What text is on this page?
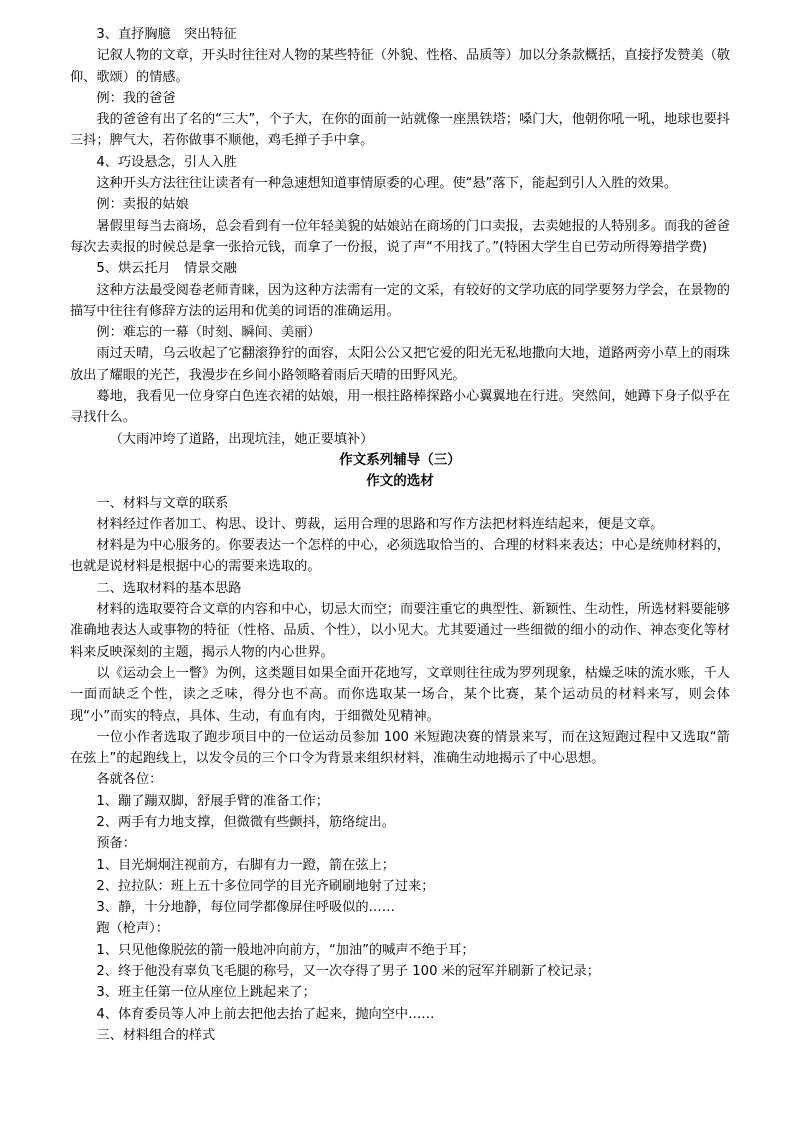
3、直抒胸臆　突出特征

记叙人物的文章，开头时往往对人物的某些特征（外貌、性格、品质等）加以分条款概括，直接抒发赞美（敬仰、歌颂）的情感。

例：我的爸爸

我的爸爸有出了名的“三大”，个子大，在你的面前一站就像一座黑铁塔；嗓门大，他朝你吼一吼，地球也要抖三抖；脾气大，若你做事不顺他，鸡毛掸子手中拿。

4、巧设悬念，引人入胜

这种开头方法往往让读者有一种急速想知道事情原委的心理。使“悬”落下，能起到引人入胜的效果。

例：卖报的姑娘

暑假里每当去商场，总会看到有一位年轻美貌的姑娘站在商场的门口卖报，去卖她报的人特别多。而我的爸爸每次去卖报的时候总是拿一张拾元钱，而拿了一份报，说了声“不用找了。”(特困大学生自已劳动所得筹措学费)

5、烘云托月　情景交融

这种方法最受阅卷老师青睐，因为这种方法需有一定的文采，有较好的文学功底的同学要努力学会，在景物的描写中往往有修辞方法的运用和优美的词语的准确运用。

例：难忘的一幕（时刻、瞬间、美丽）

雨过天晴，乌云收起了它翻滚狰狞的面容，太阳公公又把它爱的阳光无私地撒向大地，道路两旁小草上的雨珠放出了耀眼的光芒，我漫步在乡间小路领略着雨后天晴的田野风光。

蓦地，我看见一位身穿白色连衣裙的姑娘，用一根拄路棒探路小心翼翼地在行进。突然间，她蹲下身子似乎在寻找什么。

（大雨冲垮了道路，出现坑洼，她正要填补）

作文系列辅导（三）
作文的选材

一、材料与文章的联系

材料经过作者加工、构思、设计、剪裁，运用合理的思路和写作方法把材料连结起来，便是文章。

材料是为中心服务的。你要表达一个怎样的中心，必须选取恰当的、合理的材料来表达；中心是统帅材料的，也就是说材料是根据中心的需要来选取的。

二、选取材料的基本思路

材料的选取要符合文章的内容和中心，切忌大而空；而要注重它的典型性、新颖性、生动性，所选材料要能够准确地表达人或事物的特征（性格、品质、个性），以小见大。尤其要通过一些细微的细小的动作、神态变化等材料来反映深刻的主题，揭示人物的内心世界。

以《运动会上一瞥》为例，这类题目如果全面开花地写，文章则往往成为罗列现象，枯燥乏味的流水账，千人一面而缺乏个性，读之乏味，得分也不高。而你选取某一场合，某个比赛，某个运动员的材料来写，则会体现“小”而实的特点，具体、生动，有血有肉，于细微处见精神。

一位小作者选取了跑步项目中的一位运动员参加 100 米短跑决赛的情景来写，而在这短跑过程中又选取“箭在弦上”的起跑线上，以发令员的三个口令为背景来组织材料，准确生动地揭示了中心思想。

各就各位：

1、蹦了蹦双脚，舒展手臂的准备工作；

2、两手有力地支撑，但微微有些颤抖，筋络绽出。

预备：

1、目光炯炯注视前方，右脚有力一蹬，箭在弦上；

2、拉拉队：班上五十多位同学的目光齐刷刷地射了过来；

3、静，十分地静，每位同学都像屏住呼吸似的……

跑（枪声）：

1、只见他像脱弦的箭一般地冲向前方，“加油”的喊声不绝于耳；

2、终于他没有辜负飞毛腿的称号，又一次夺得了男子 100 米的冠军并刷新了校记录；

3、班主任第一位从座位上跳起来了；

4、体育委员等人冲上前去把他去抬了起来，抛向空中……

三、材料组合的样式
